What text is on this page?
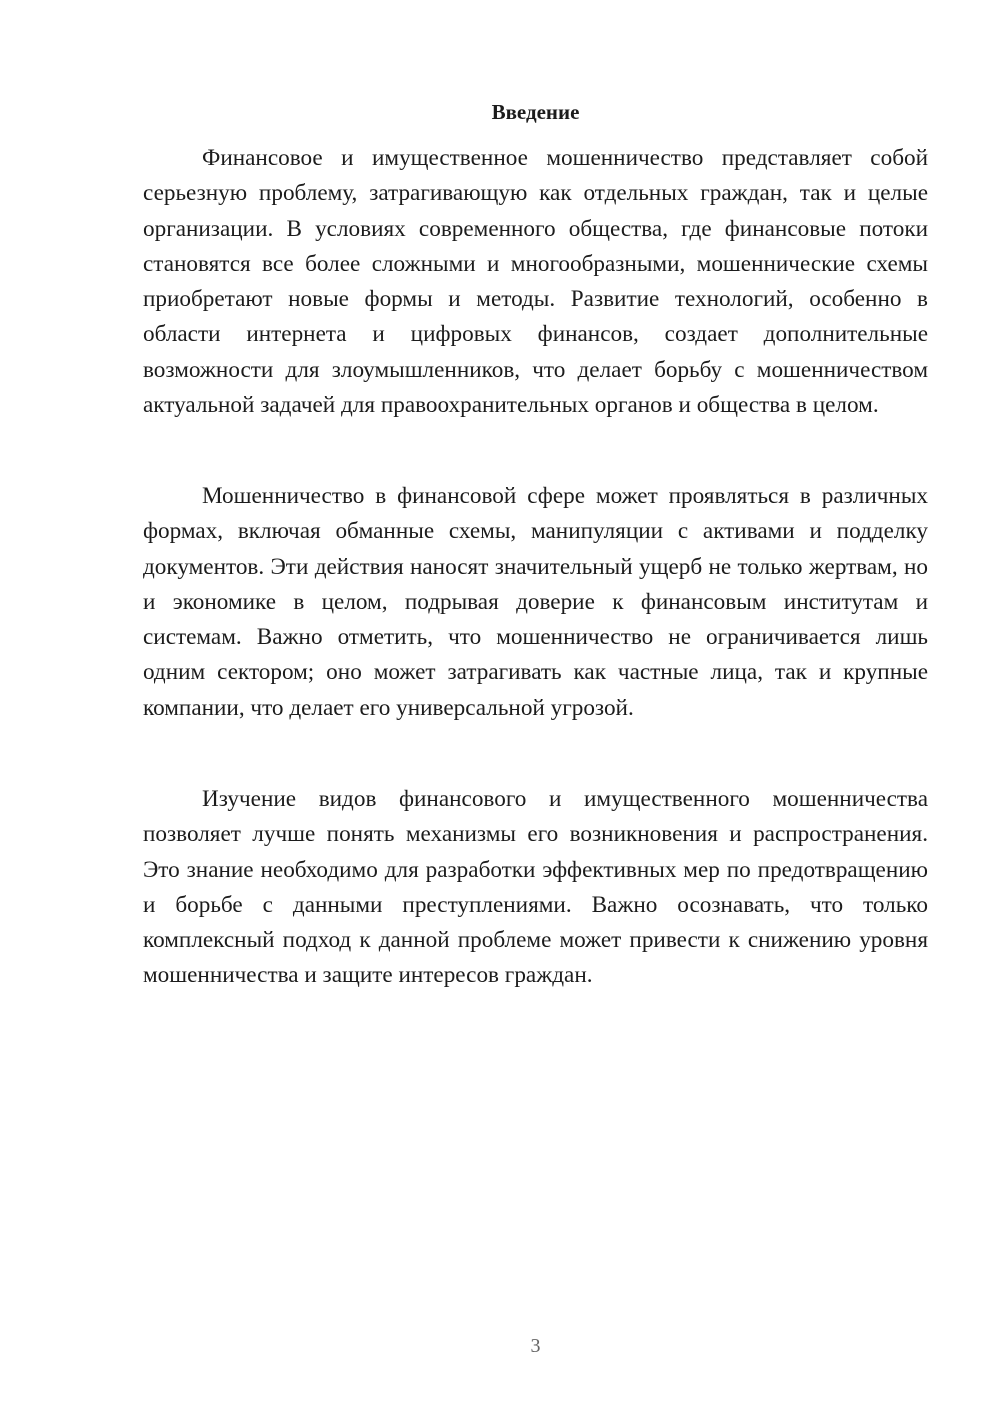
Введение

Финансовое и имущественное мошенничество представляет собой серьезную проблему, затрагивающую как отдельных граждан, так и целые организации. В условиях современного общества, где финансовые потоки становятся все более сложными и многообразными, мошеннические схемы приобретают новые формы и методы. Развитие технологий, особенно в области интернета и цифровых финансов, создает дополнительные возможности для злоумышленников, что делает борьбу с мошенничеством актуальной задачей для правоохранительных органов и общества в целом.

Мошенничество в финансовой сфере может проявляться в различных формах, включая обманные схемы, манипуляции с активами и подделку документов. Эти действия наносят значительный ущерб не только жертвам, но и экономике в целом, подрывая доверие к финансовым институтам и системам. Важно отметить, что мошенничество не ограничивается лишь одним сектором; оно может затрагивать как частные лица, так и крупные компании, что делает его универсальной угрозой.

Изучение видов финансового и имущественного мошенничества позволяет лучше понять механизмы его возникновения и распространения. Это знание необходимо для разработки эффективных мер по предотвращению и борьбе с данными преступлениями. Важно осознавать, что только комплексный подход к данной проблеме может привести к снижению уровня мошенничества и защите интересов граждан.

3
